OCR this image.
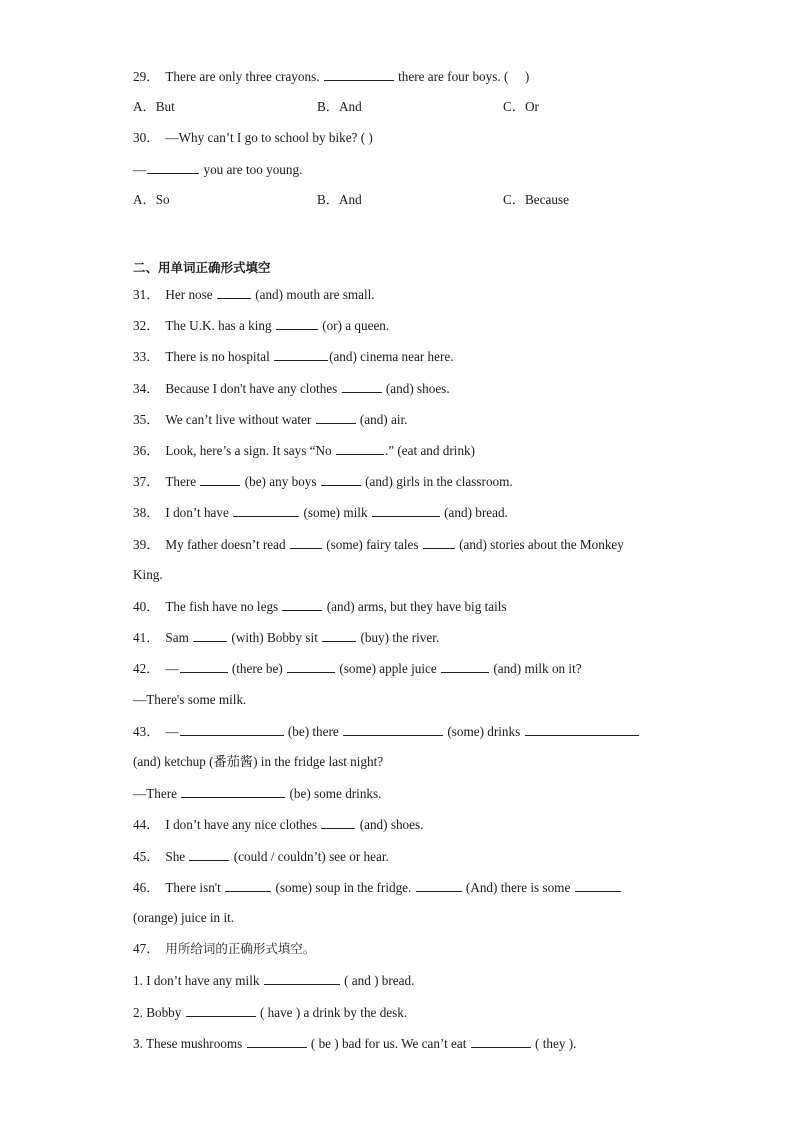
29． There are only three crayons.	there are four boys. ( )
A．But	B．And	C．Or
30． —Why can’t I go to school by bike? ( )
—	you are too young.
A．So	B．And	C．Because
二、用单词正确形式填空
31． Her nose	(and) mouth are small.
32． The U.K. has a king	(or) a queen.
33． There is no hospital	(and) cinema near here.
34． Because I don't have any clothes	(and) shoes.
35． We can’t live without water	(and) air.
36． Look, here’s a sign. It says “No	.” (eat and drink)
37． There	(be) any boys	(and) girls in the classroom.
38． I don’t have	(some) milk	(and) bread.
39． My father doesn’t read	(some) fairy tales	(and) stories about the Monkey
King.
40． The fish have no legs	(and) arms, but they have big tails
41． Sam	(with) Bobby sit	(buy) the river.
42． —	(there be)	(some) apple juice	(and) milk on it?
—There's some milk.
43． —	(be) there	(some) drinks
(and) ketchup (番茄酱) in the fridge last night?
—There	(be) some drinks.
44． I don’t have any nice clothes	(and) shoes.
45． She	(could / couldn’t) see or hear.
46． There isn't	(some) soup in the fridge.	(And) there is some
(orange) juice in it.
47． 用所给词的正确形式填空。
1. I don’t have any milk	( and ) bread.
2. Bobby	( have ) a drink by the desk.
3. These mushrooms	( be ) bad for us. We can’t eat	( they ).
